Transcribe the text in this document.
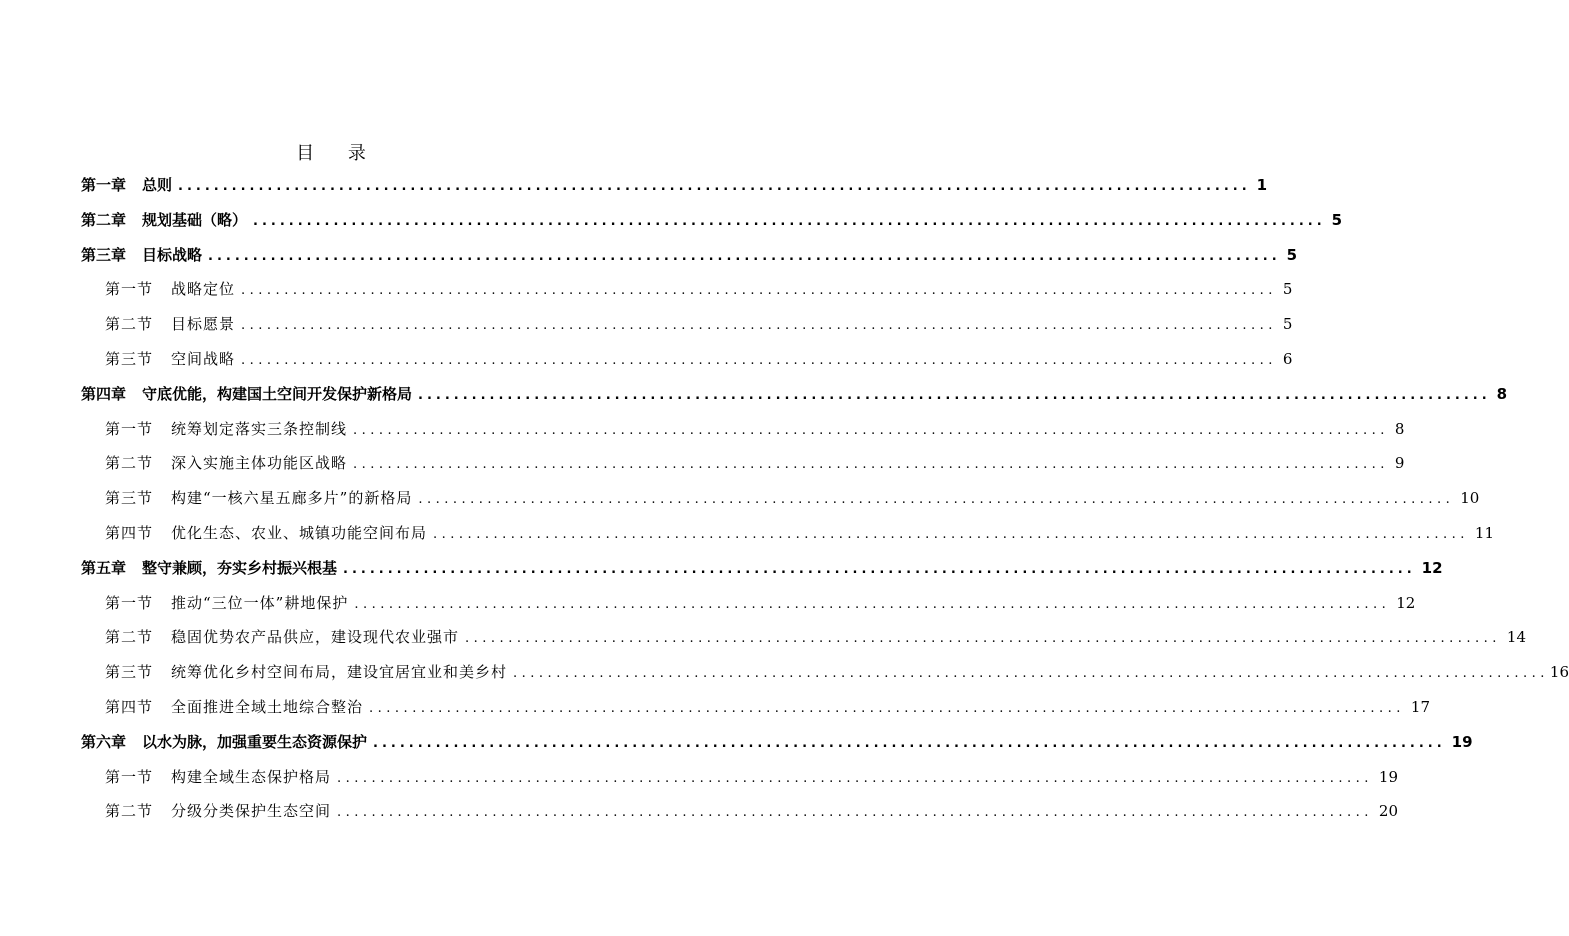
目 录
第一章 总则 ........................................................................................................................ 1
第二章 规划基础（略） ........................................................................................................................ 5
第三章 目标战略 ........................................................................................................................ 5
第一节 战略定位 ........................................................................................................................ 5
第二节 目标愿景 ........................................................................................................................ 5
第三节 空间战略 ........................................................................................................................ 6
第四章 守底优能，构建国土空间开发保护新格局 ........................................................................................................................ 8
第一节 统筹划定落实三条控制线 ........................................................................................................................ 8
第二节 深入实施主体功能区战略 ........................................................................................................................ 9
第三节 构建“一核六星五廊多片”的新格局 ........................................................................................................................ 10
第四节 优化生态、农业、城镇功能空间布局 ........................................................................................................................ 11
第五章 整守兼顾，夯实乡村振兴根基 ........................................................................................................................ 12
第一节 推动“三位一体”耕地保护 ........................................................................................................................ 12
第二节 稳固优势农产品供应，建设现代农业强市 ........................................................................................................................ 14
第三节 统筹优化乡村空间布局，建设宜居宜业和美乡村 ........................................................................................................................ 16
第四节 全面推进全域土地综合整治 ........................................................................................................................ 17
第六章 以水为脉，加强重要生态资源保护 ........................................................................................................................ 19
第一节 构建全域生态保护格局 ........................................................................................................................ 19
第二节 分级分类保护生态空间 ........................................................................................................................ 20
